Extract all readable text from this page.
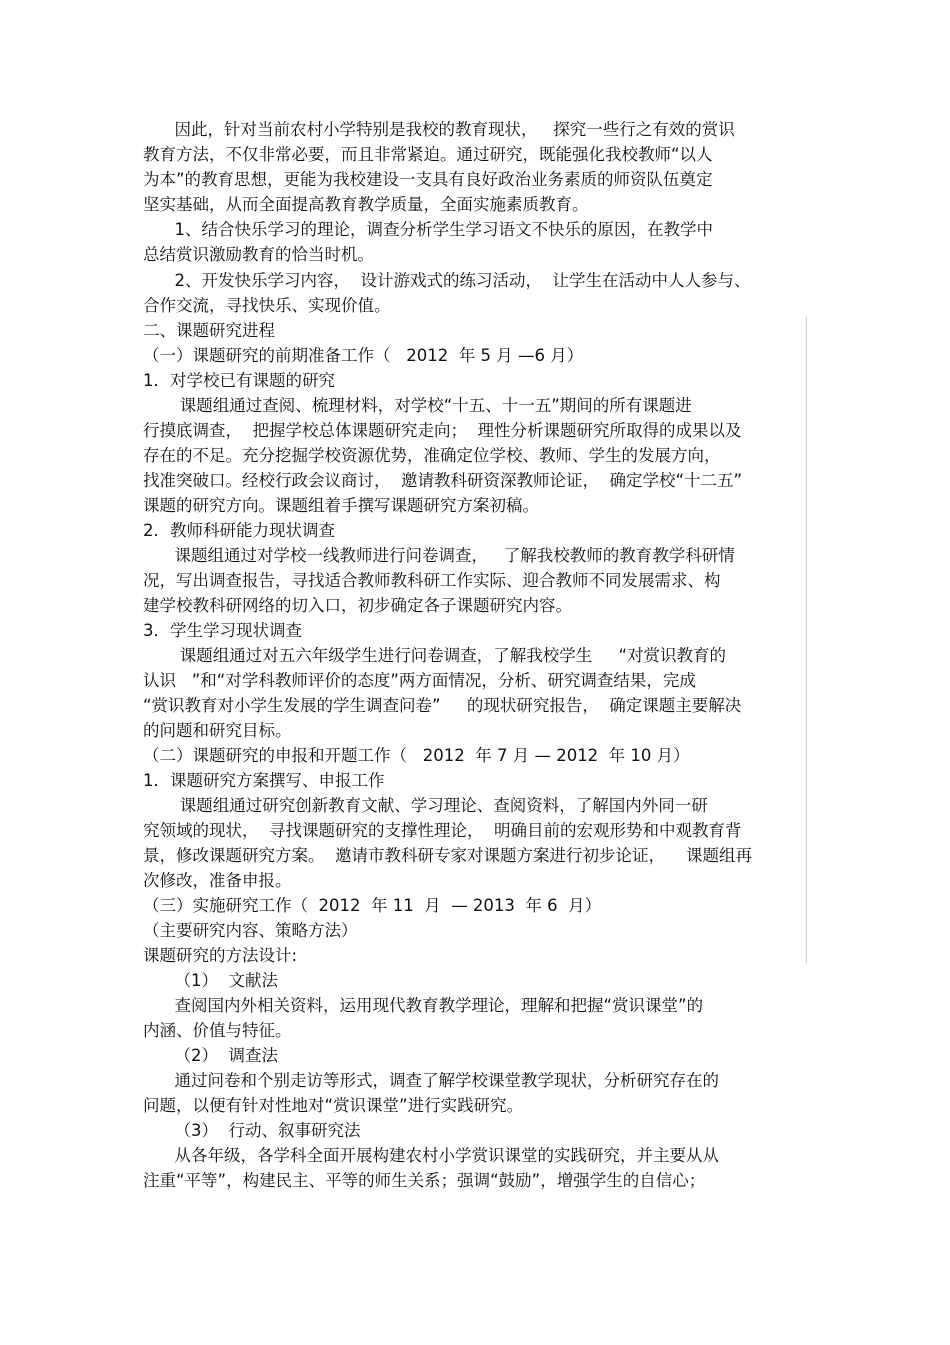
因此，针对当前农村小学特别是我校的教育现状，   探究一些行之有效的赏识
教育方法，不仅非常必要，而且非常紧迫。通过研究，既能强化我校教师“以人
为本”的教育思想，更能为我校建设一支具有良好政治业务素质的师资队伍奠定
坚实基础，从而全面提高教育教学质量，全面实施素质教育。
1、结合快乐学习的理论，调查分析学生学习语文不快乐的原因，在教学中
总结赏识激励教育的恰当时机。
2、开发快乐学习内容，  设计游戏式的练习活动，  让学生在活动中人人参与、
合作交流，寻找快乐、实现价值。
二、课题研究进程
（一）课题研究的前期准备工作（   2012  年 5 月 —6 月）
1．对学校已有课题的研究
课题组通过查阅、梳理材料，对学校“十五、十一五”期间的所有课题进
行摸底调查，  把握学校总体课题研究走向；  理性分析课题研究所取得的成果以及
存在的不足。充分挖掘学校资源优势，准确定位学校、教师、学生的发展方向，
找准突破口。经校行政会议商讨，  邀请教科研资深教师论证，  确定学校“十二五”
课题的研究方向。课题组着手撰写课题研究方案初稿。
2．教师科研能力现状调查
课题组通过对学校一线教师进行问卷调查，   了解我校教师的教育教学科研情
况，写出调查报告，寻找适合教师教科研工作实际、迎合教师不同发展需求、构
建学校教科研网络的切入口，初步确定各子课题研究内容。
3．学生学习现状调查
课题组通过对五六年级学生进行问卷调查，了解我校学生     “对赏识教育的
认识   ”和“对学科教师评价的态度”两方面情况，分析、研究调查结果，完成
“赏识教育对小学生发展的学生调查问卷”     的现状研究报告，  确定课题主要解决
的问题和研究目标。
（二）课题研究的申报和开题工作（   2012  年 7 月 — 2012  年 10 月）
1．课题研究方案撰写、申报工作
课题组通过研究创新教育文献、学习理论、查阅资料，了解国内外同一研
究领域的现状，  寻找课题研究的支撑性理论，  明确目前的宏观形势和中观教育背
景，修改课题研究方案。  邀请市教科研专家对课题方案进行初步论证，    课题组再
次修改，准备申报。
（三）实施研究工作（  2012  年 11  月  — 2013  年 6  月）
（主要研究内容、策略方法）
课题研究的方法设计:
（1）  文献法
查阅国内外相关资料，运用现代教育教学理论，理解和把握“赏识课堂”的
内涵、价值与特征。
（2）  调查法
通过问卷和个别走访等形式，调查了解学校课堂教学现状，分析研究存在的
问题，以便有针对性地对“赏识课堂”进行实践研究。
（3）  行动、叙事研究法
从各年级，各学科全面开展构建农村小学赏识课堂的实践研究，并主要从从
注重“平等”，构建民主、平等的师生关系；强调“鼓励”，增强学生的自信心；
